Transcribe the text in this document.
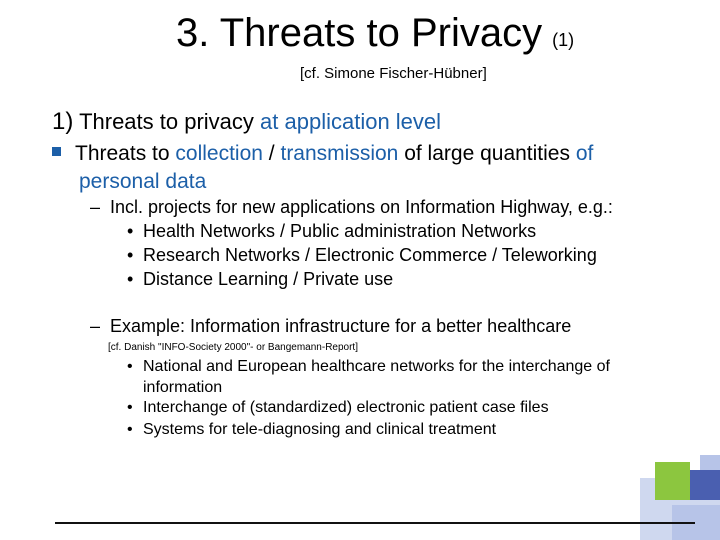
3. Threats to Privacy (1)
[cf. Simone Fischer-Hübner]
1) Threats to privacy at application level
Threats to collection / transmission of large quantities of
personal data
–  Incl. projects for new applications on Information Highway, e.g.:
• Health Networks / Public administration Networks
• Research Networks / Electronic Commerce / Teleworking
• Distance Learning / Private use
–  Example: Information infrastructure for a better healthcare
[cf. Danish "INFO-Society 2000"- or Bangemann-Report]
• National and European healthcare networks for the interchange of
information
• Interchange of (standardized) electronic patient case files
• Systems for tele-diagnosing and clinical treatment
